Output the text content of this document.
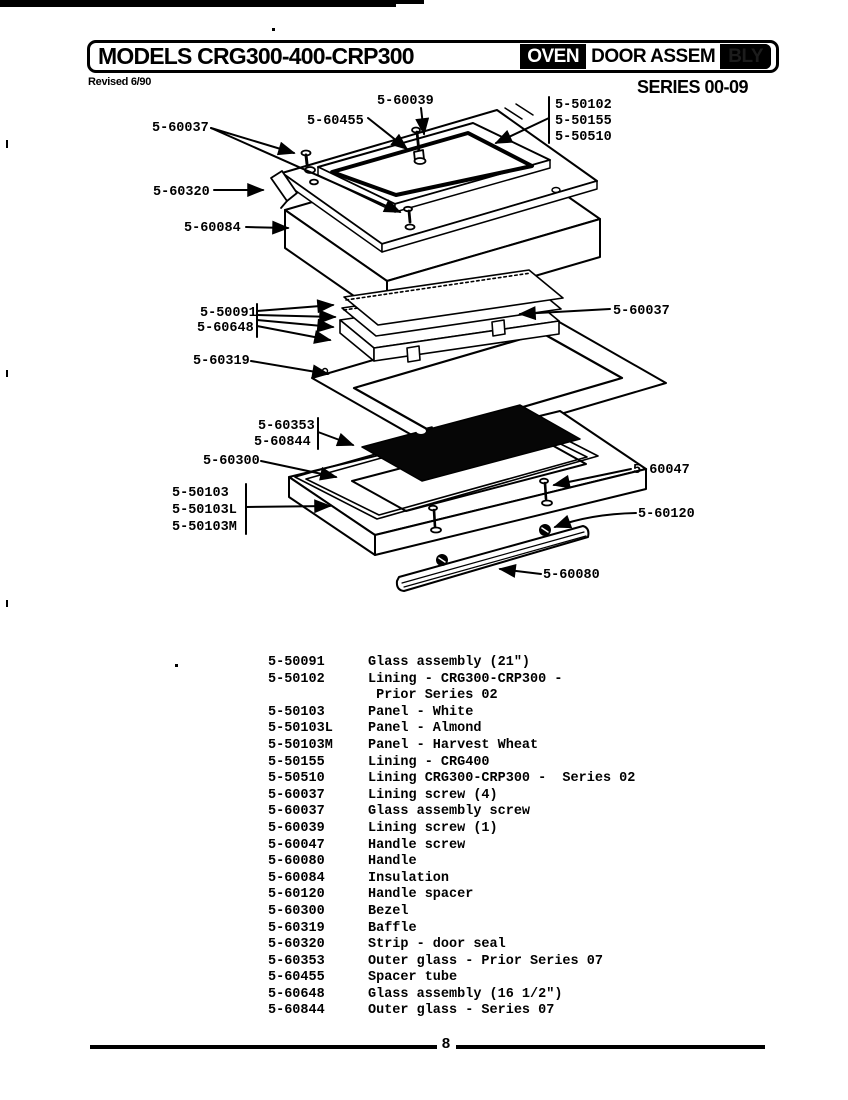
MODELS CRG300-400-CRP300	OVEN DOOR ASSEM BLY
Revised 6/90	SERIES 00-09
5-60039
5-60455
5-50102
5-50155
5-50510
5-60037
5-60320
5-60084
5-50091
5-60648
5-60037
5-60319
5-60353
5-60844
5-60300
5-50103
5-50103L
5-50103M
5-60047
5-60120
5-60080
5-50091	Glass assembly (21")
5-50102	Lining - CRG300-CRP300 -
Prior Series 02
5-50103	Panel - White
5-50103L	Panel - Almond
5-50103M	Panel - Harvest Wheat
5-50155	Lining - CRG400
5-50510	Lining CRG300-CRP300 -  Series 02
5-60037	Lining screw (4)
5-60037	Glass assembly screw
5-60039	Lining screw (1)
5-60047	Handle screw
5-60080	Handle
5-60084	Insulation
5-60120	Handle spacer
5-60300	Bezel
5-60319	Baffle
5-60320	Strip - door seal
5-60353	Outer glass - Prior Series 07
5-60455	Spacer tube
5-60648	Glass assembly (16 1/2")
5-60844	Outer glass - Series 07
8
